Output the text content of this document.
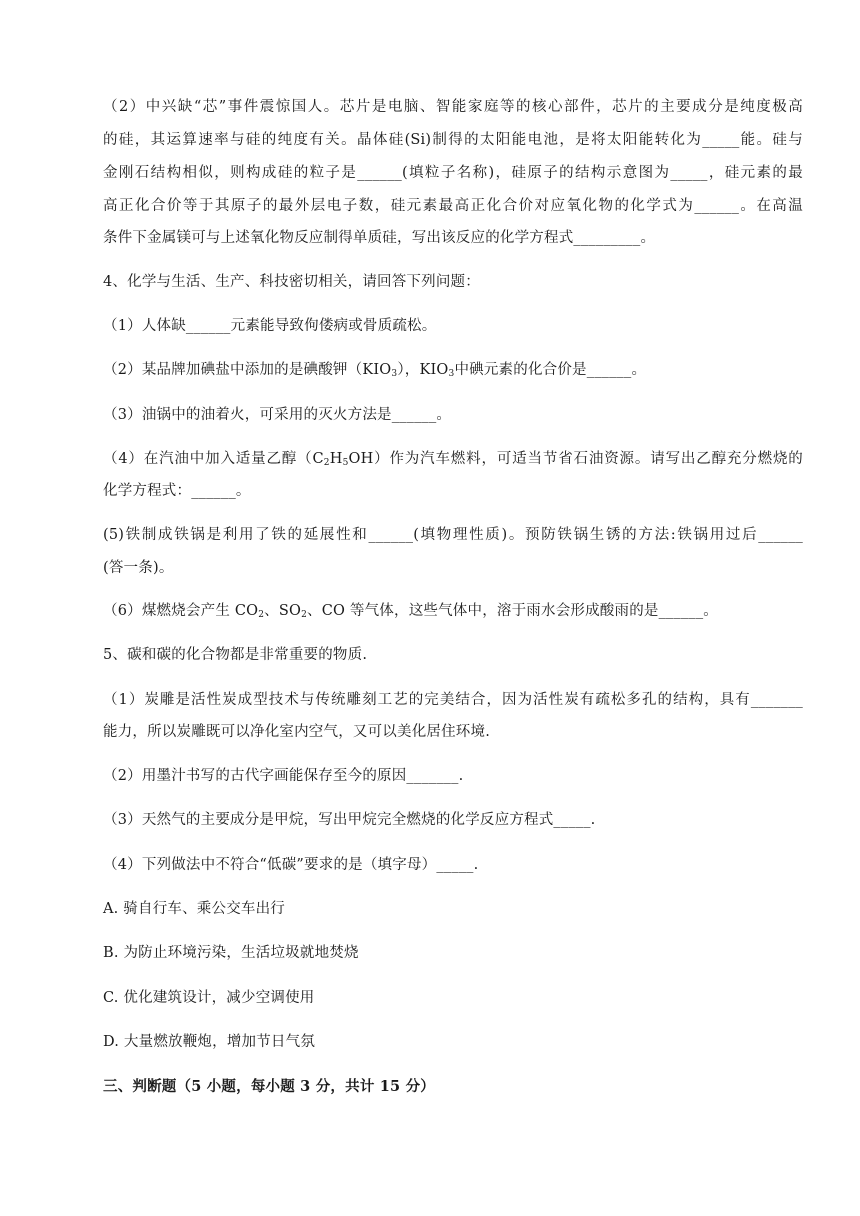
（2）中兴缺“芯”事件震惊国人。芯片是电脑、智能家庭等的核心部件，芯片的主要成分是纯度极高
的硅，其运算速率与硅的纯度有关。晶体硅(Si)制得的太阳能电池，是将太阳能转化为_____能。硅与
金刚石结构相似，则构成硅的粒子是______(填粒子名称)，硅原子的结构示意图为_____，硅元素的最
高正化合价等于其原子的最外层电子数，硅元素最高正化合价对应氧化物的化学式为______。在高温
条件下金属镁可与上述氧化物反应制得单质硅，写出该反应的化学方程式_________。
4、化学与生活、生产、科技密切相关，请回答下列问题：
（1）人体缺______元素能导致佝偻病或骨质疏松。
（2）某品牌加碘盐中添加的是碘酸钾$(KIO_3)$，$KIO_3$中碘元素的化合价是______。
（3）油锅中的油着火，可采用的灭火方法是______。
（4）在汽油中加入适量乙醇$(C_2H_5OH)$作为汽车燃料，可适当节省石油资源。请写出乙醇充分燃烧的
化学方程式：______。
(5)铁制成铁锅是利用了铁的延展性和______(填物理性质)。预防铁锅生锈的方法:铁锅用过后______
(答一条)。
（6）煤燃烧会产生 $CO_2$、$SO_2$、CO 等气体，这些气体中，溶于雨水会形成酸雨的是______。
5、碳和碳的化合物都是非常重要的物质.
（1）炭雕是活性炭成型技术与传统雕刻工艺的完美结合，因为活性炭有疏松多孔的结构，具有_______
能力，所以炭雕既可以净化室内空气，又可以美化居住环境.
（2）用墨汁书写的古代字画能保存至今的原因_______.
（3）天然气的主要成分是甲烷，写出甲烷完全燃烧的化学反应方程式_____.
（4）下列做法中不符合“低碳”要求的是（填字母）_____.
A. 骑自行车、乘公交车出行
B. 为防止环境污染，生活垃圾就地焚烧
C. 优化建筑设计，减少空调使用
D. 大量燃放鞭炮，增加节日气氛
三、判断题（5 小题，每小题 3 分，共计 15 分）
